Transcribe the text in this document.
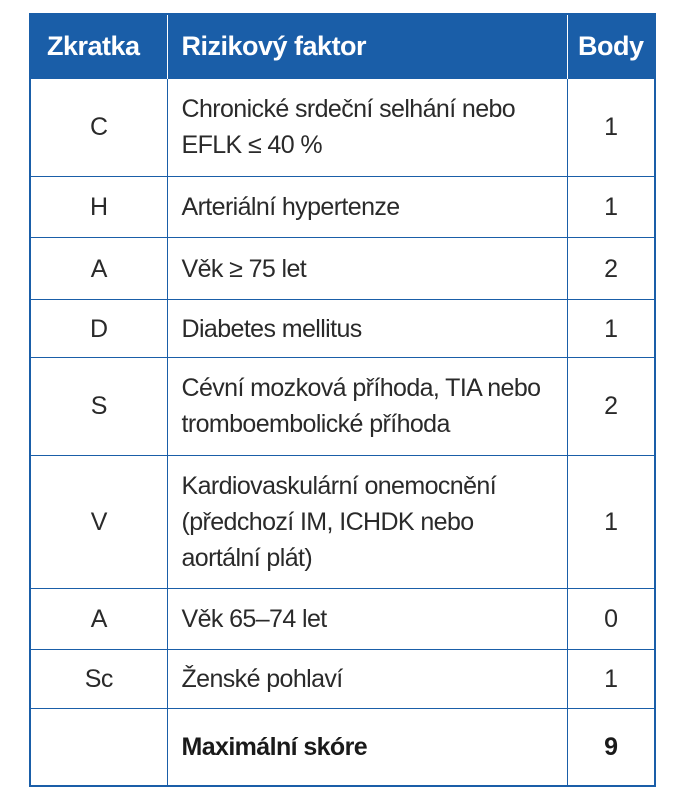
Zkratka	Rizikový faktor	Body
C	Chronické srdeční selhání nebo EFLK ≤ 40 %	1
H	Arteriální hypertenze	1
A	Věk ≥ 75 let	2
D	Diabetes mellitus	1
S	Cévní mozková příhoda, TIA nebo tromboembolické příhoda	2
V	Kardiovaskulární onemocnění (předchozí IM, ICHDK nebo aortální plát)	1
A	Věk 65–74 let	0
Sc	Ženské pohlaví	1
	Maximální skóre	9
